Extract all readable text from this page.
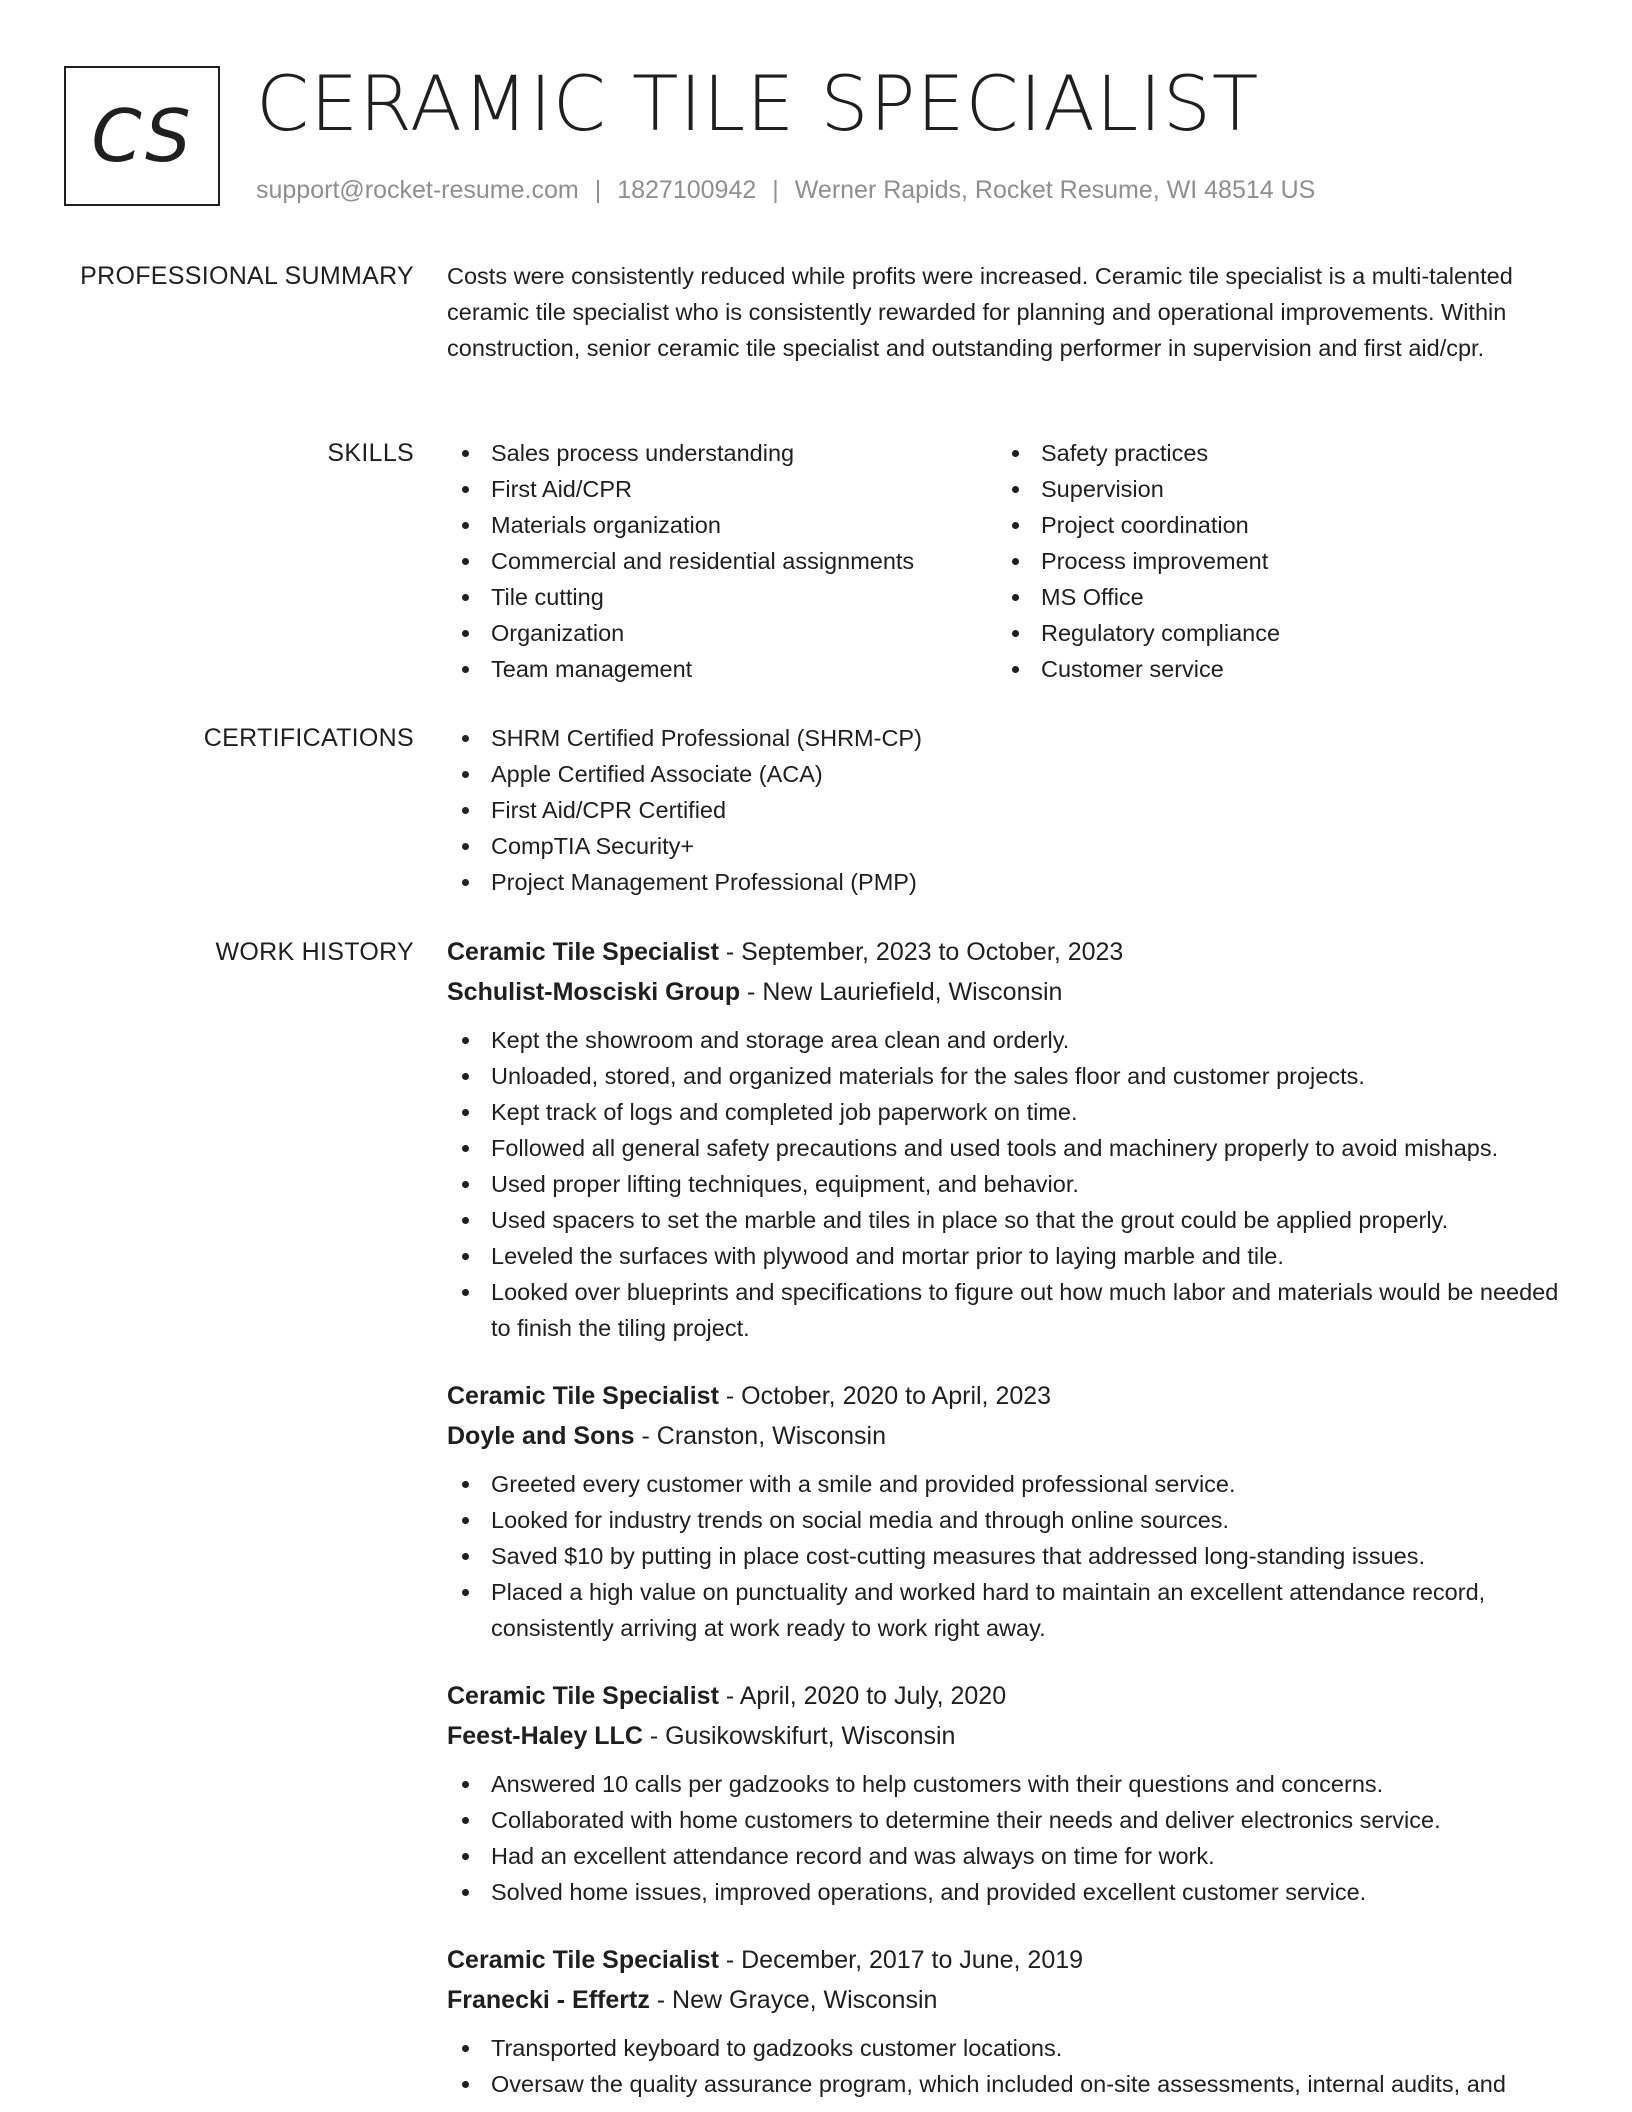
CS CERAMIC TILE SPECIALIST
support@rocket-resume.com | 1827100942 | Werner Rapids, Rocket Resume, WI 48514 US
PROFESSIONAL SUMMARY Costs were consistently reduced while profits were increased. Ceramic tile specialist is a multi-talented ceramic tile specialist who is consistently rewarded for planning and operational improvements. Within construction, senior ceramic tile specialist and outstanding performer in supervision and first aid/cpr.

SKILLS	Sales process understanding
First Aid/CPR
Materials organization
Commercial and residential assignments
Tile cutting
Organization
Team management
Safety practices
Supervision
Project coordination
Process improvement
MS Office
Regulatory compliance
Customer service
CERTIFICATIONS	SHRM Certified Professional (SHRM-CP)
Apple Certified Associate (ACA)
First Aid/CPR Certified
CompTIA Security+
Project Management Professional (PMP)
WORK HISTORY Ceramic Tile Specialist - September, 2023 to October, 2023
Schulist-Mosciski Group - New Lauriefield, Wisconsin
Kept the showroom and storage area clean and orderly.
Unloaded, stored, and organized materials for the sales floor and customer projects.
Kept track of logs and completed job paperwork on time.
Followed all general safety precautions and used tools and machinery properly to avoid mishaps.
Used proper lifting techniques, equipment, and behavior.
Used spacers to set the marble and tiles in place so that the grout could be applied properly.
Leveled the surfaces with plywood and mortar prior to laying marble and tile.
Looked over blueprints and specifications to figure out how much labor and materials would be needed to finish the tiling project.
Ceramic Tile Specialist - October, 2020 to April, 2023
Doyle and Sons - Cranston, Wisconsin
Greeted every customer with a smile and provided professional service.
Looked for industry trends on social media and through online sources.
Saved $10 by putting in place cost-cutting measures that addressed long-standing issues.
Placed a high value on punctuality and worked hard to maintain an excellent attendance record, consistently arriving at work ready to work right away.
Ceramic Tile Specialist - April, 2020 to July, 2020
Feest-Haley LLC - Gusikowskifurt, Wisconsin
Answered 10 calls per gadzooks to help customers with their questions and concerns.
Collaborated with home customers to determine their needs and deliver electronics service.
Had an excellent attendance record and was always on time for work.
Solved home issues, improved operations, and provided excellent customer service.
Ceramic Tile Specialist - December, 2017 to June, 2019
Franecki - Effertz - New Grayce, Wisconsin
Transported keyboard to gadzooks customer locations.
Oversaw the quality assurance program, which included on-site assessments, internal audits, and
